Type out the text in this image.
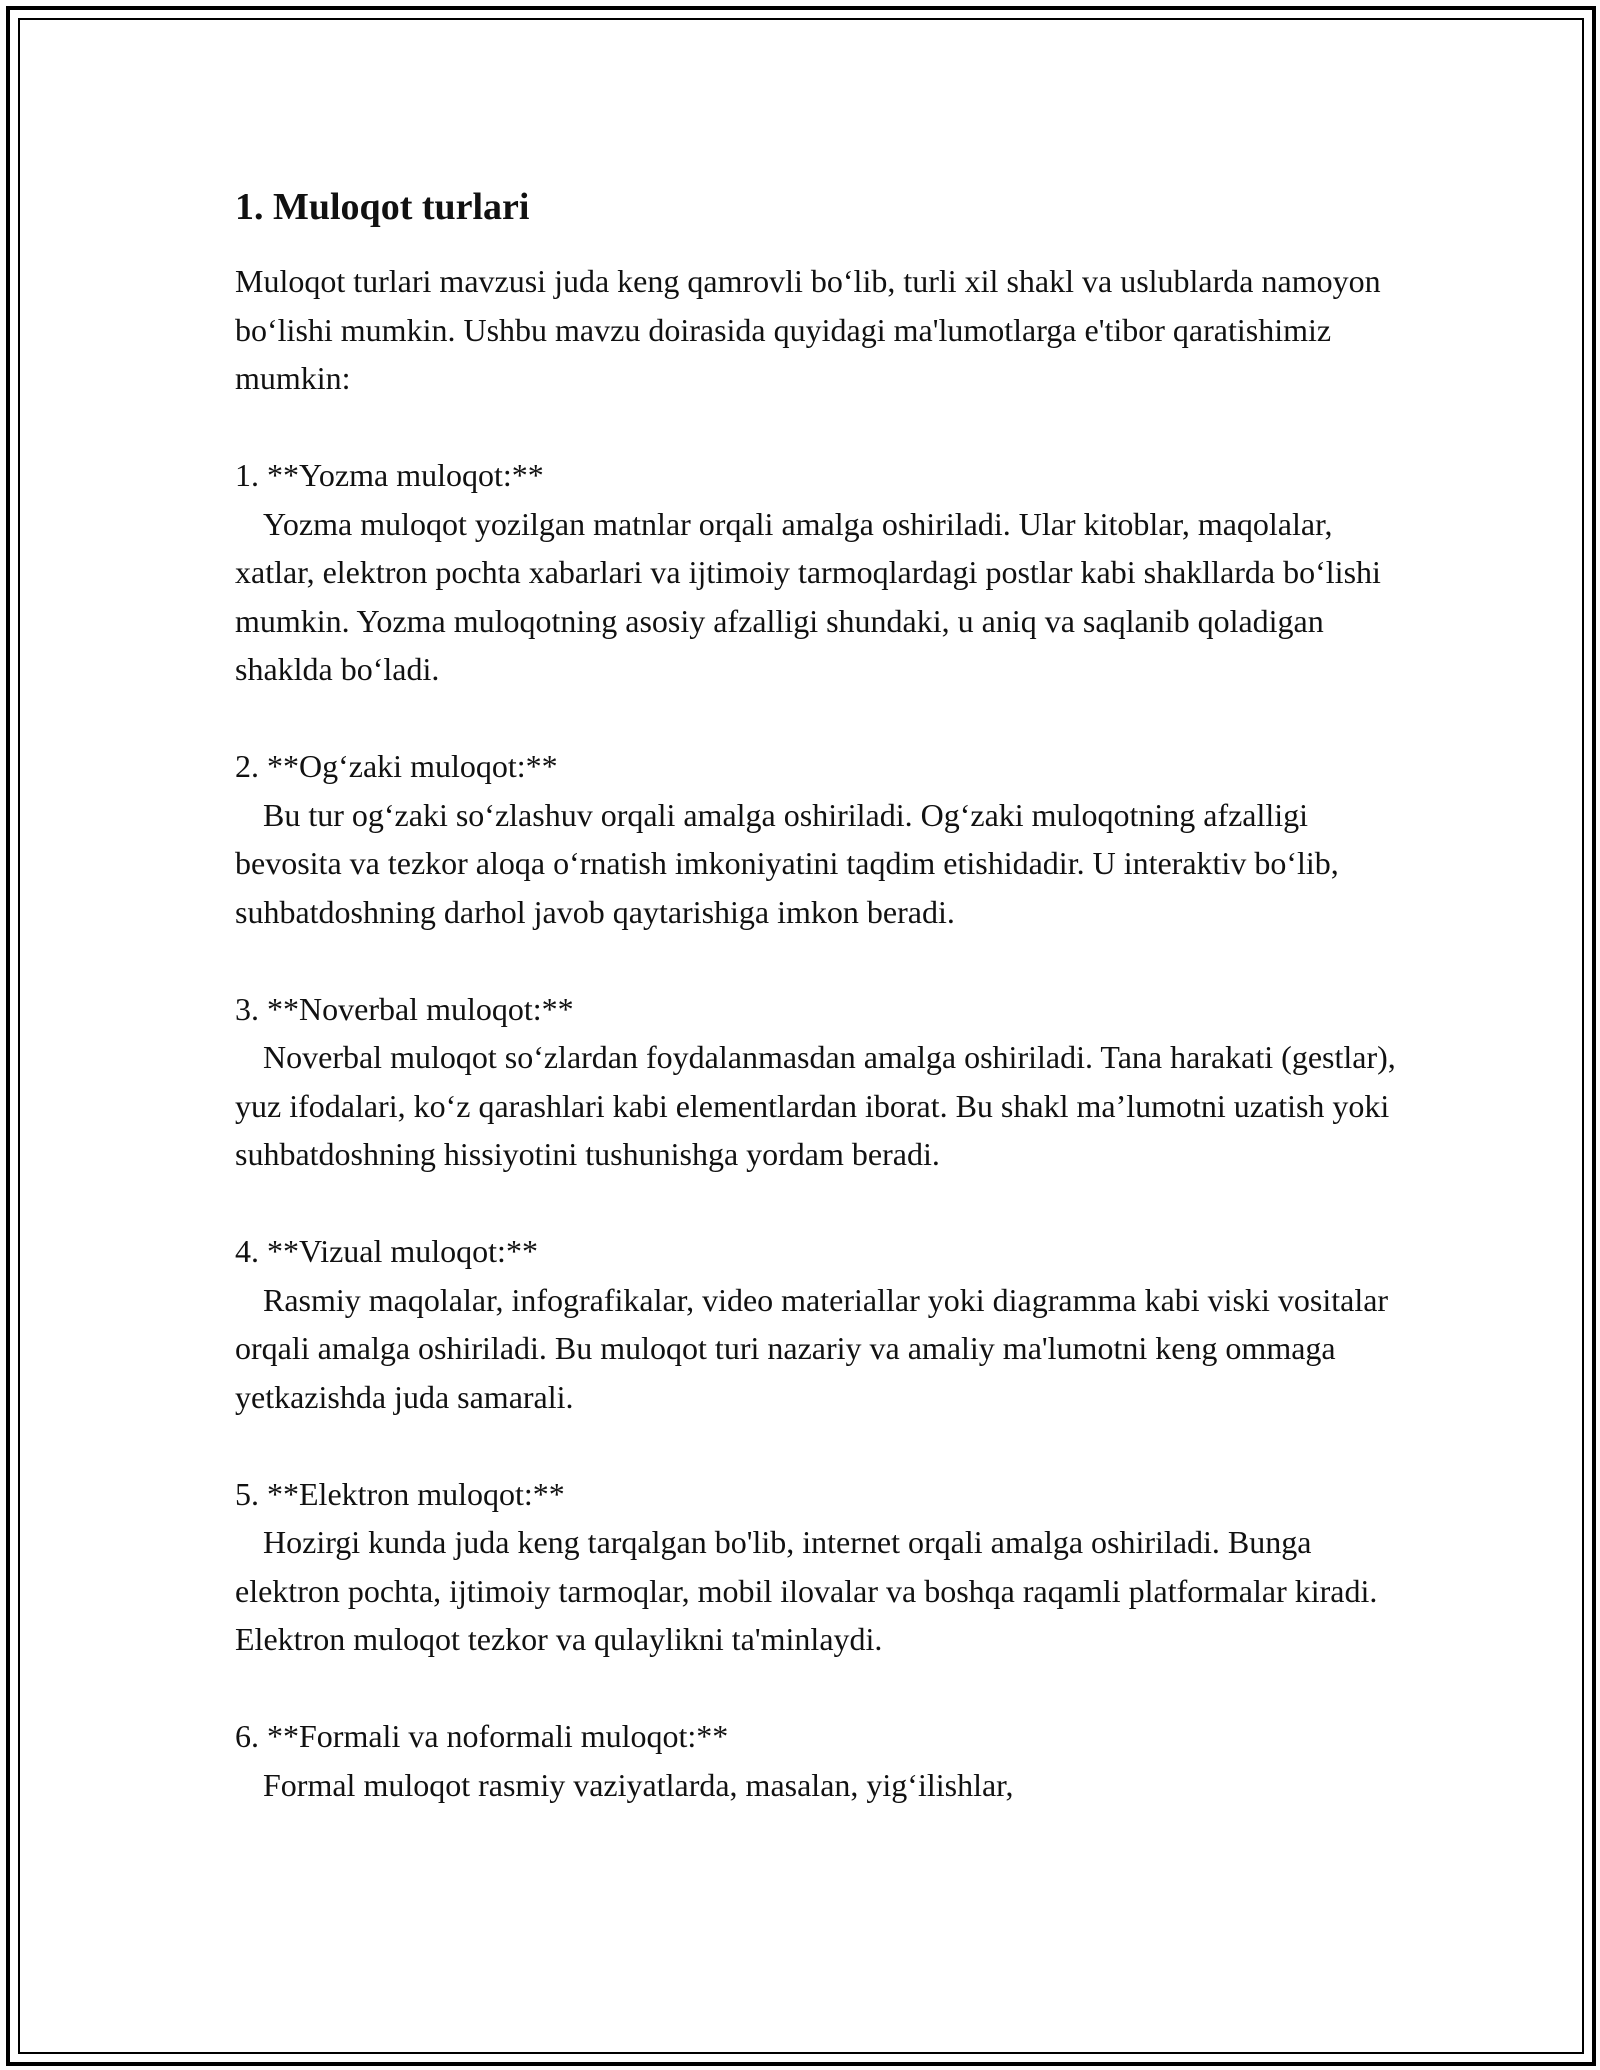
1. Muloqot turlari

Muloqot turlari mavzusi juda keng qamrovli bo‘lib, turli xil shakl va uslublarda namoyon bo‘lishi mumkin. Ushbu mavzu doirasida quyidagi ma'lumotlarga e'tibor qaratishimiz mumkin:

1. **Yozma muloqot:**

Yozma muloqot yozilgan matnlar orqali amalga oshiriladi. Ular kitoblar, maqolalar, xatlar, elektron pochta xabarlari va ijtimoiy tarmoqlardagi postlar kabi shakllarda bo‘lishi mumkin. Yozma muloqotning asosiy afzalligi shundaki, u aniq va saqlanib qoladigan shaklda bo‘ladi.

2. **Og‘zaki muloqot:**

Bu tur og‘zaki so‘zlashuv orqali amalga oshiriladi. Og‘zaki muloqotning afzalligi bevosita va tezkor aloqa o‘rnatish imkoniyatini taqdim etishidadir. U interaktiv bo‘lib, suhbatdoshning darhol javob qaytarishiga imkon beradi.

3. **Noverbal muloqot:**

Noverbal muloqot so‘zlardan foydalanmasdan amalga oshiriladi. Tana harakati (gestlar), yuz ifodalari, ko‘z qarashlari kabi elementlardan iborat. Bu shakl ma’lumotni uzatish yoki suhbatdoshning hissiyotini tushunishga yordam beradi.

4. **Vizual muloqot:**

Rasmiy maqolalar, infografikalar, video materiallar yoki diagramma kabi viski vositalar orqali amalga oshiriladi. Bu muloqot turi nazariy va amaliy ma'lumotni keng ommaga yetkazishda juda samarali.

5. **Elektron muloqot:**

Hozirgi kunda juda keng tarqalgan bo'lib, internet orqali amalga oshiriladi. Bunga elektron pochta, ijtimoiy tarmoqlar, mobil ilovalar va boshqa raqamli platformalar kiradi. Elektron muloqot tezkor va qulaylikni ta'minlaydi.

6. **Formali va noformali muloqot:**

Formal muloqot rasmiy vaziyatlarda, masalan, yig‘ilishlar,
